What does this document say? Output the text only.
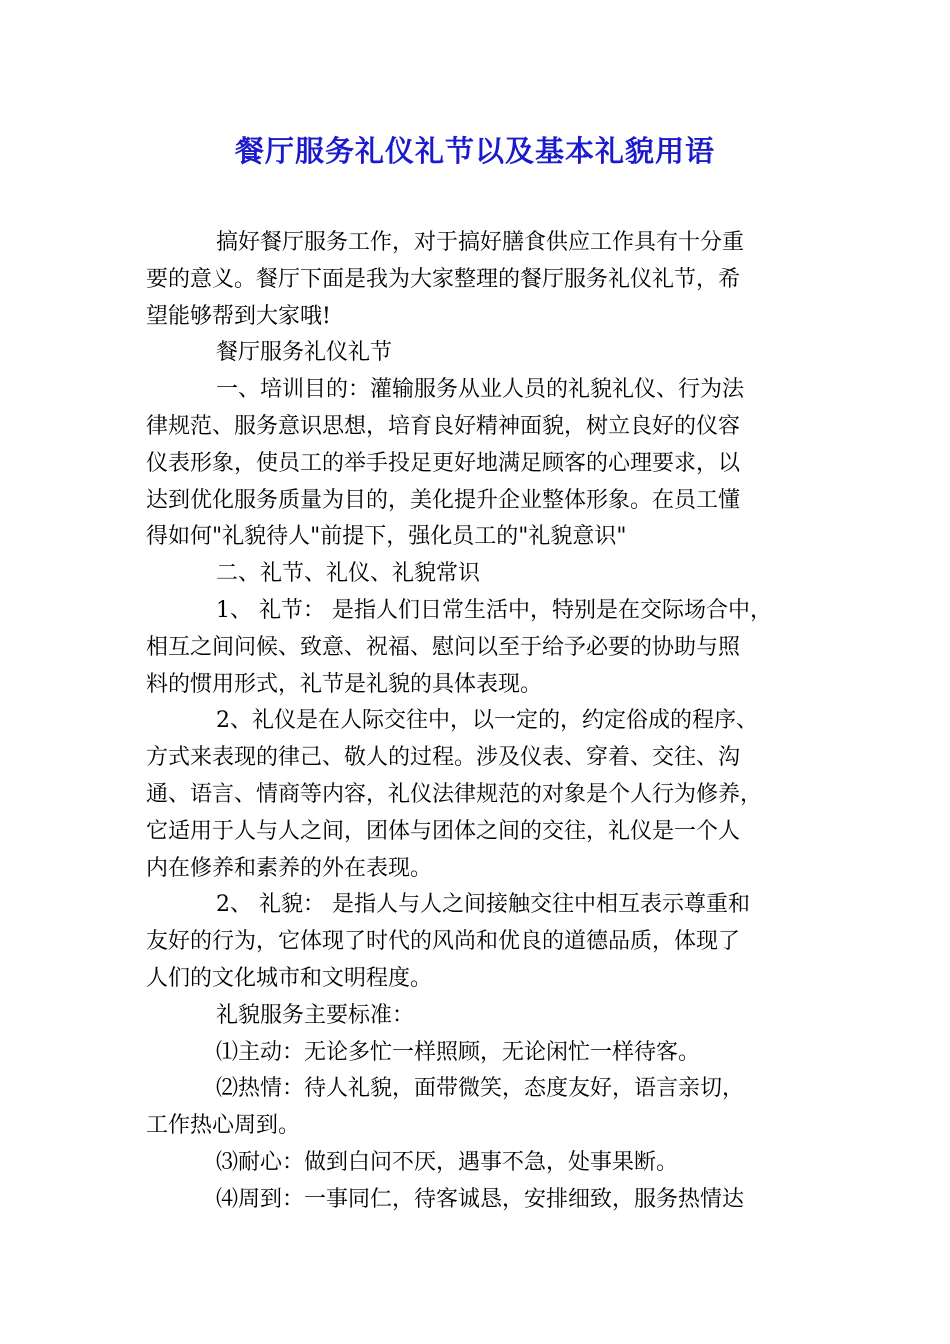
餐厅服务礼仪礼节以及基本礼貌用语
搞好餐厅服务工作，对于搞好膳食供应工作具有十分重
要的意义。餐厅下面是我为大家整理的餐厅服务礼仪礼节，希
望能够帮到大家哦!
餐厅服务礼仪礼节
一、培训目的：灌输服务从业人员的礼貌礼仪、行为法
律规范、服务意识思想，培育良好精神面貌，树立良好的仪容
仪表形象，使员工的举手投足更好地满足顾客的心理要求，以
达到优化服务质量为目的，美化提升企业整体形象。在员工懂
得如何"礼貌待人"前提下，强化员工的"礼貌意识"
二、礼节、礼仪、礼貌常识
1、 礼节： 是指人们日常生活中，特别是在交际场合中，
相互之间问候、致意、祝福、慰问以至于给予必要的协助与照
料的惯用形式，礼节是礼貌的具体表现。
2、礼仪是在人际交往中，以一定的，约定俗成的程序、
方式来表现的律己、敬人的过程。涉及仪表、穿着、交往、沟
通、语言、情商等内容，礼仪法律规范的对象是个人行为修养，
它适用于人与人之间，团体与团体之间的交往，礼仪是一个人
内在修养和素养的外在表现。
2、 礼貌： 是指人与人之间接触交往中相互表示尊重和
友好的行为，它体现了时代的风尚和优良的道德品质，体现了
人们的文化城市和文明程度。
礼貌服务主要标准：
⑴主动：无论多忙一样照顾，无论闲忙一样待客。
⑵热情：待人礼貌，面带微笑，态度友好，语言亲切，
工作热心周到。
⑶耐心：做到白问不厌，遇事不急，处事果断。
⑷周到：一事同仁，待客诚恳，安排细致，服务热情达
